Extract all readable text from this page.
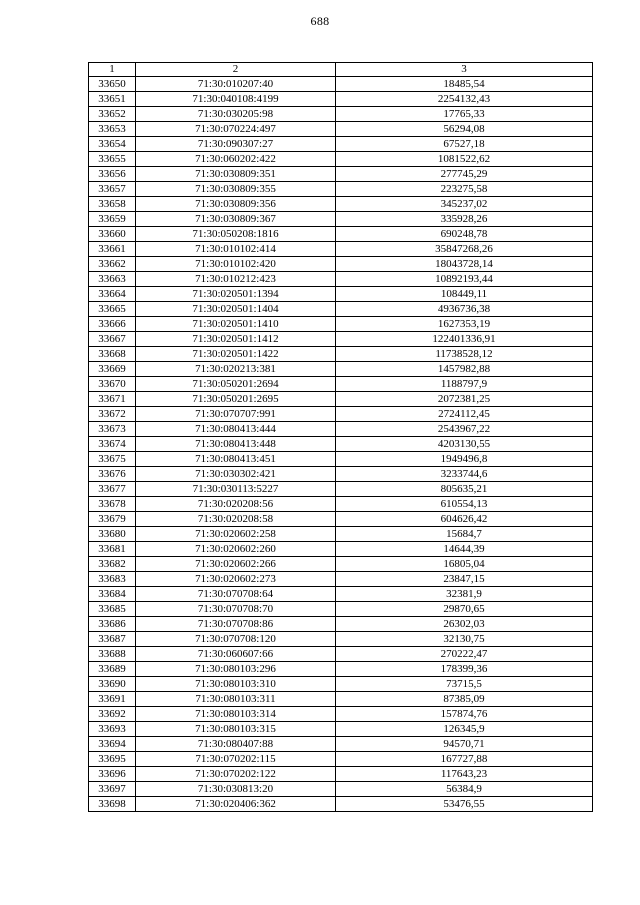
688
1	2	3
33650	71:30:010207:40	18485,54
33651	71:30:040108:4199	2254132,43
33652	71:30:030205:98	17765,33
33653	71:30:070224:497	56294,08
33654	71:30:090307:27	67527,18
33655	71:30:060202:422	1081522,62
33656	71:30:030809:351	277745,29
33657	71:30:030809:355	223275,58
33658	71:30:030809:356	345237,02
33659	71:30:030809:367	335928,26
33660	71:30:050208:1816	690248,78
33661	71:30:010102:414	35847268,26
33662	71:30:010102:420	18043728,14
33663	71:30:010212:423	10892193,44
33664	71:30:020501:1394	108449,11
33665	71:30:020501:1404	4936736,38
33666	71:30:020501:1410	1627353,19
33667	71:30:020501:1412	122401336,91
33668	71:30:020501:1422	11738528,12
33669	71:30:020213:381	1457982,88
33670	71:30:050201:2694	1188797,9
33671	71:30:050201:2695	2072381,25
33672	71:30:070707:991	2724112,45
33673	71:30:080413:444	2543967,22
33674	71:30:080413:448	4203130,55
33675	71:30:080413:451	1949496,8
33676	71:30:030302:421	3233744,6
33677	71:30:030113:5227	805635,21
33678	71:30:020208:56	610554,13
33679	71:30:020208:58	604626,42
33680	71:30:020602:258	15684,7
33681	71:30:020602:260	14644,39
33682	71:30:020602:266	16805,04
33683	71:30:020602:273	23847,15
33684	71:30:070708:64	32381,9
33685	71:30:070708:70	29870,65
33686	71:30:070708:86	26302,03
33687	71:30:070708:120	32130,75
33688	71:30:060607:66	270222,47
33689	71:30:080103:296	178399,36
33690	71:30:080103:310	73715,5
33691	71:30:080103:311	87385,09
33692	71:30:080103:314	157874,76
33693	71:30:080103:315	126345,9
33694	71:30:080407:88	94570,71
33695	71:30:070202:115	167727,88
33696	71:30:070202:122	117643,23
33697	71:30:030813:20	56384,9
33698	71:30:020406:362	53476,55
